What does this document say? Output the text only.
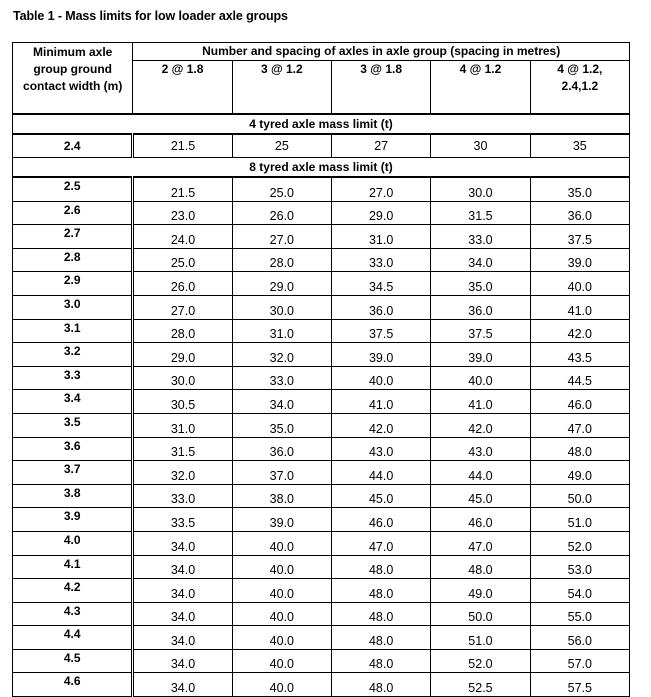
Table 1 - Mass limits for low loader axle groups
Minimum axle group ground contact width (m)	Number and spacing of axles in axle group (spacing in metres)				
	2 @ 1.8	3 @ 1.2	3 @ 1.8	4 @ 1.2	4 @ 1.2, 2.4,1.2

4 tyred axle mass limit (t)					
2.4	21.5	25	27	30	35
8 tyred axle mass limit (t)					
2.5	21.5	25.0	27.0	30.0	35.0
2.6	23.0	26.0	29.0	31.5	36.0
2.7	24.0	27.0	31.0	33.0	37.5
2.8	25.0	28.0	33.0	34.0	39.0
2.9	26.0	29.0	34.5	35.0	40.0
3.0	27.0	30.0	36.0	36.0	41.0
3.1	28.0	31.0	37.5	37.5	42.0
3.2	29.0	32.0	39.0	39.0	43.5
3.3	30.0	33.0	40.0	40.0	44.5
3.4	30.5	34.0	41.0	41.0	46.0
3.5	31.0	35.0	42.0	42.0	47.0
3.6	31.5	36.0	43.0	43.0	48.0
3.7	32.0	37.0	44.0	44.0	49.0
3.8	33.0	38.0	45.0	45.0	50.0
3.9	33.5	39.0	46.0	46.0	51.0
4.0	34.0	40.0	47.0	47.0	52.0
4.1	34.0	40.0	48.0	48.0	53.0
4.2	34.0	40.0	48.0	49.0	54.0
4.3	34.0	40.0	48.0	50.0	55.0
4.4	34.0	40.0	48.0	51.0	56.0
4.5	34.0	40.0	48.0	52.0	57.0
4.6	34.0	40.0	48.0	52.5	57.5
